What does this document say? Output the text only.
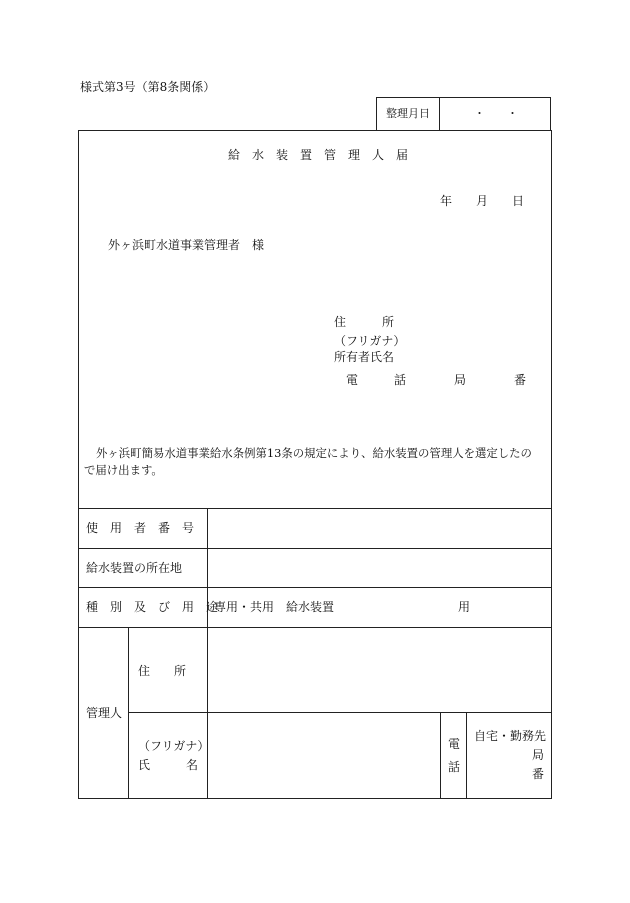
様式第3号（第8条関係）
整理月日	・　　・
給　水　装　置　管　理　人　届
年　　月　　日
外ヶ浜町水道事業管理者　様
住　　　所
（フリガナ）
所有者氏名
電　　　話　　　　局　　　　番
外ヶ浜町簡易水道事業給水条例第13条の規定により、給水装置の管理人を選定したの
で届け出ます。
使　用　者　番　号
給水装置の所在地
種　別　及　び　用　途
専用・共用　給水装置	用
管理人
住　　所
（フリガナ）
氏　　　名
電
話
自宅・勤務先
局
番
